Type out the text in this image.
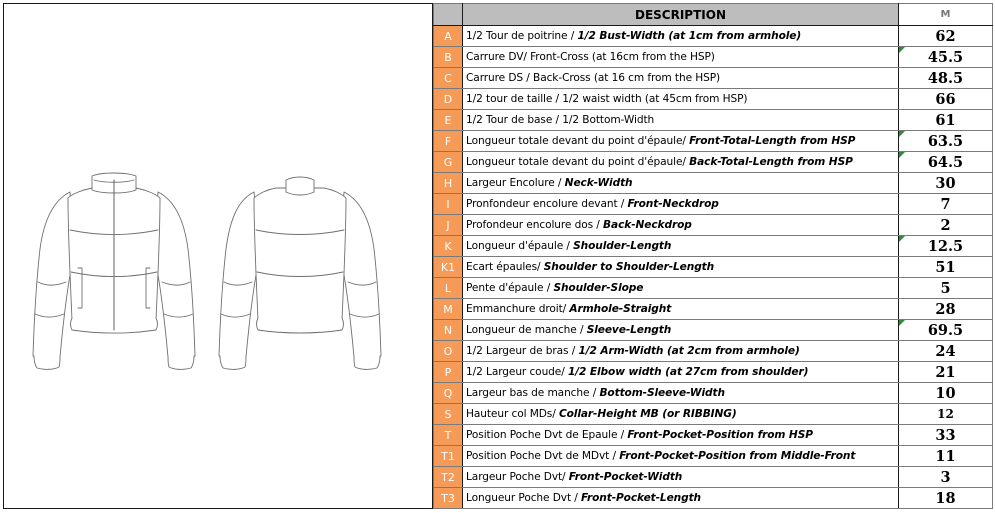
	DESCRIPTION	M
A	1/2 Tour de poitrine / 1/2 Bust-Width (at 1cm from armhole)	62
B	Carrure DV/ Front-Cross (at 16cm from the HSP)	45.5
C	Carrure DS / Back-Cross (at 16 cm from the HSP)	48.5
D	1/2 tour de taille / 1/2 waist width (at 45cm from HSP)	66
E	1/2 Tour de base / 1/2 Bottom-Width	61
F	Longueur totale devant du point d'épaule/ Front-Total-Length from HSP	63.5
G	Longueur totale devant du point d'épaule/ Back-Total-Length from HSP	64.5
H	Largeur Encolure / Neck-Width	30
I	Pronfondeur encolure devant / Front-Neckdrop	7
J	Profondeur encolure dos / Back-Neckdrop	2
K	Longueur d'épaule / Shoulder-Length	12.5
K1	Ecart épaules/ Shoulder to Shoulder-Length	51
L	Pente d'épaule / Shoulder-Slope	5
M	Emmanchure droit/ Armhole-Straight	28
N	Longueur de manche / Sleeve-Length	69.5
O	1/2 Largeur de bras / 1/2 Arm-Width (at 2cm from armhole)	24
P	1/2 Largeur coude/ 1/2 Elbow width (at 27cm from shoulder)	21
Q	Largeur bas de manche / Bottom-Sleeve-Width	10
S	Hauteur col MDs/ Collar-Height MB (or RIBBING)	12
T	Position Poche Dvt de Epaule / Front-Pocket-Position from HSP	33
T1	Position Poche Dvt de MDvt / Front-Pocket-Position from Middle-Front	11
T2	Largeur Poche Dvt/ Front-Pocket-Width	3
T3	Longueur Poche Dvt / Front-Pocket-Length	18
